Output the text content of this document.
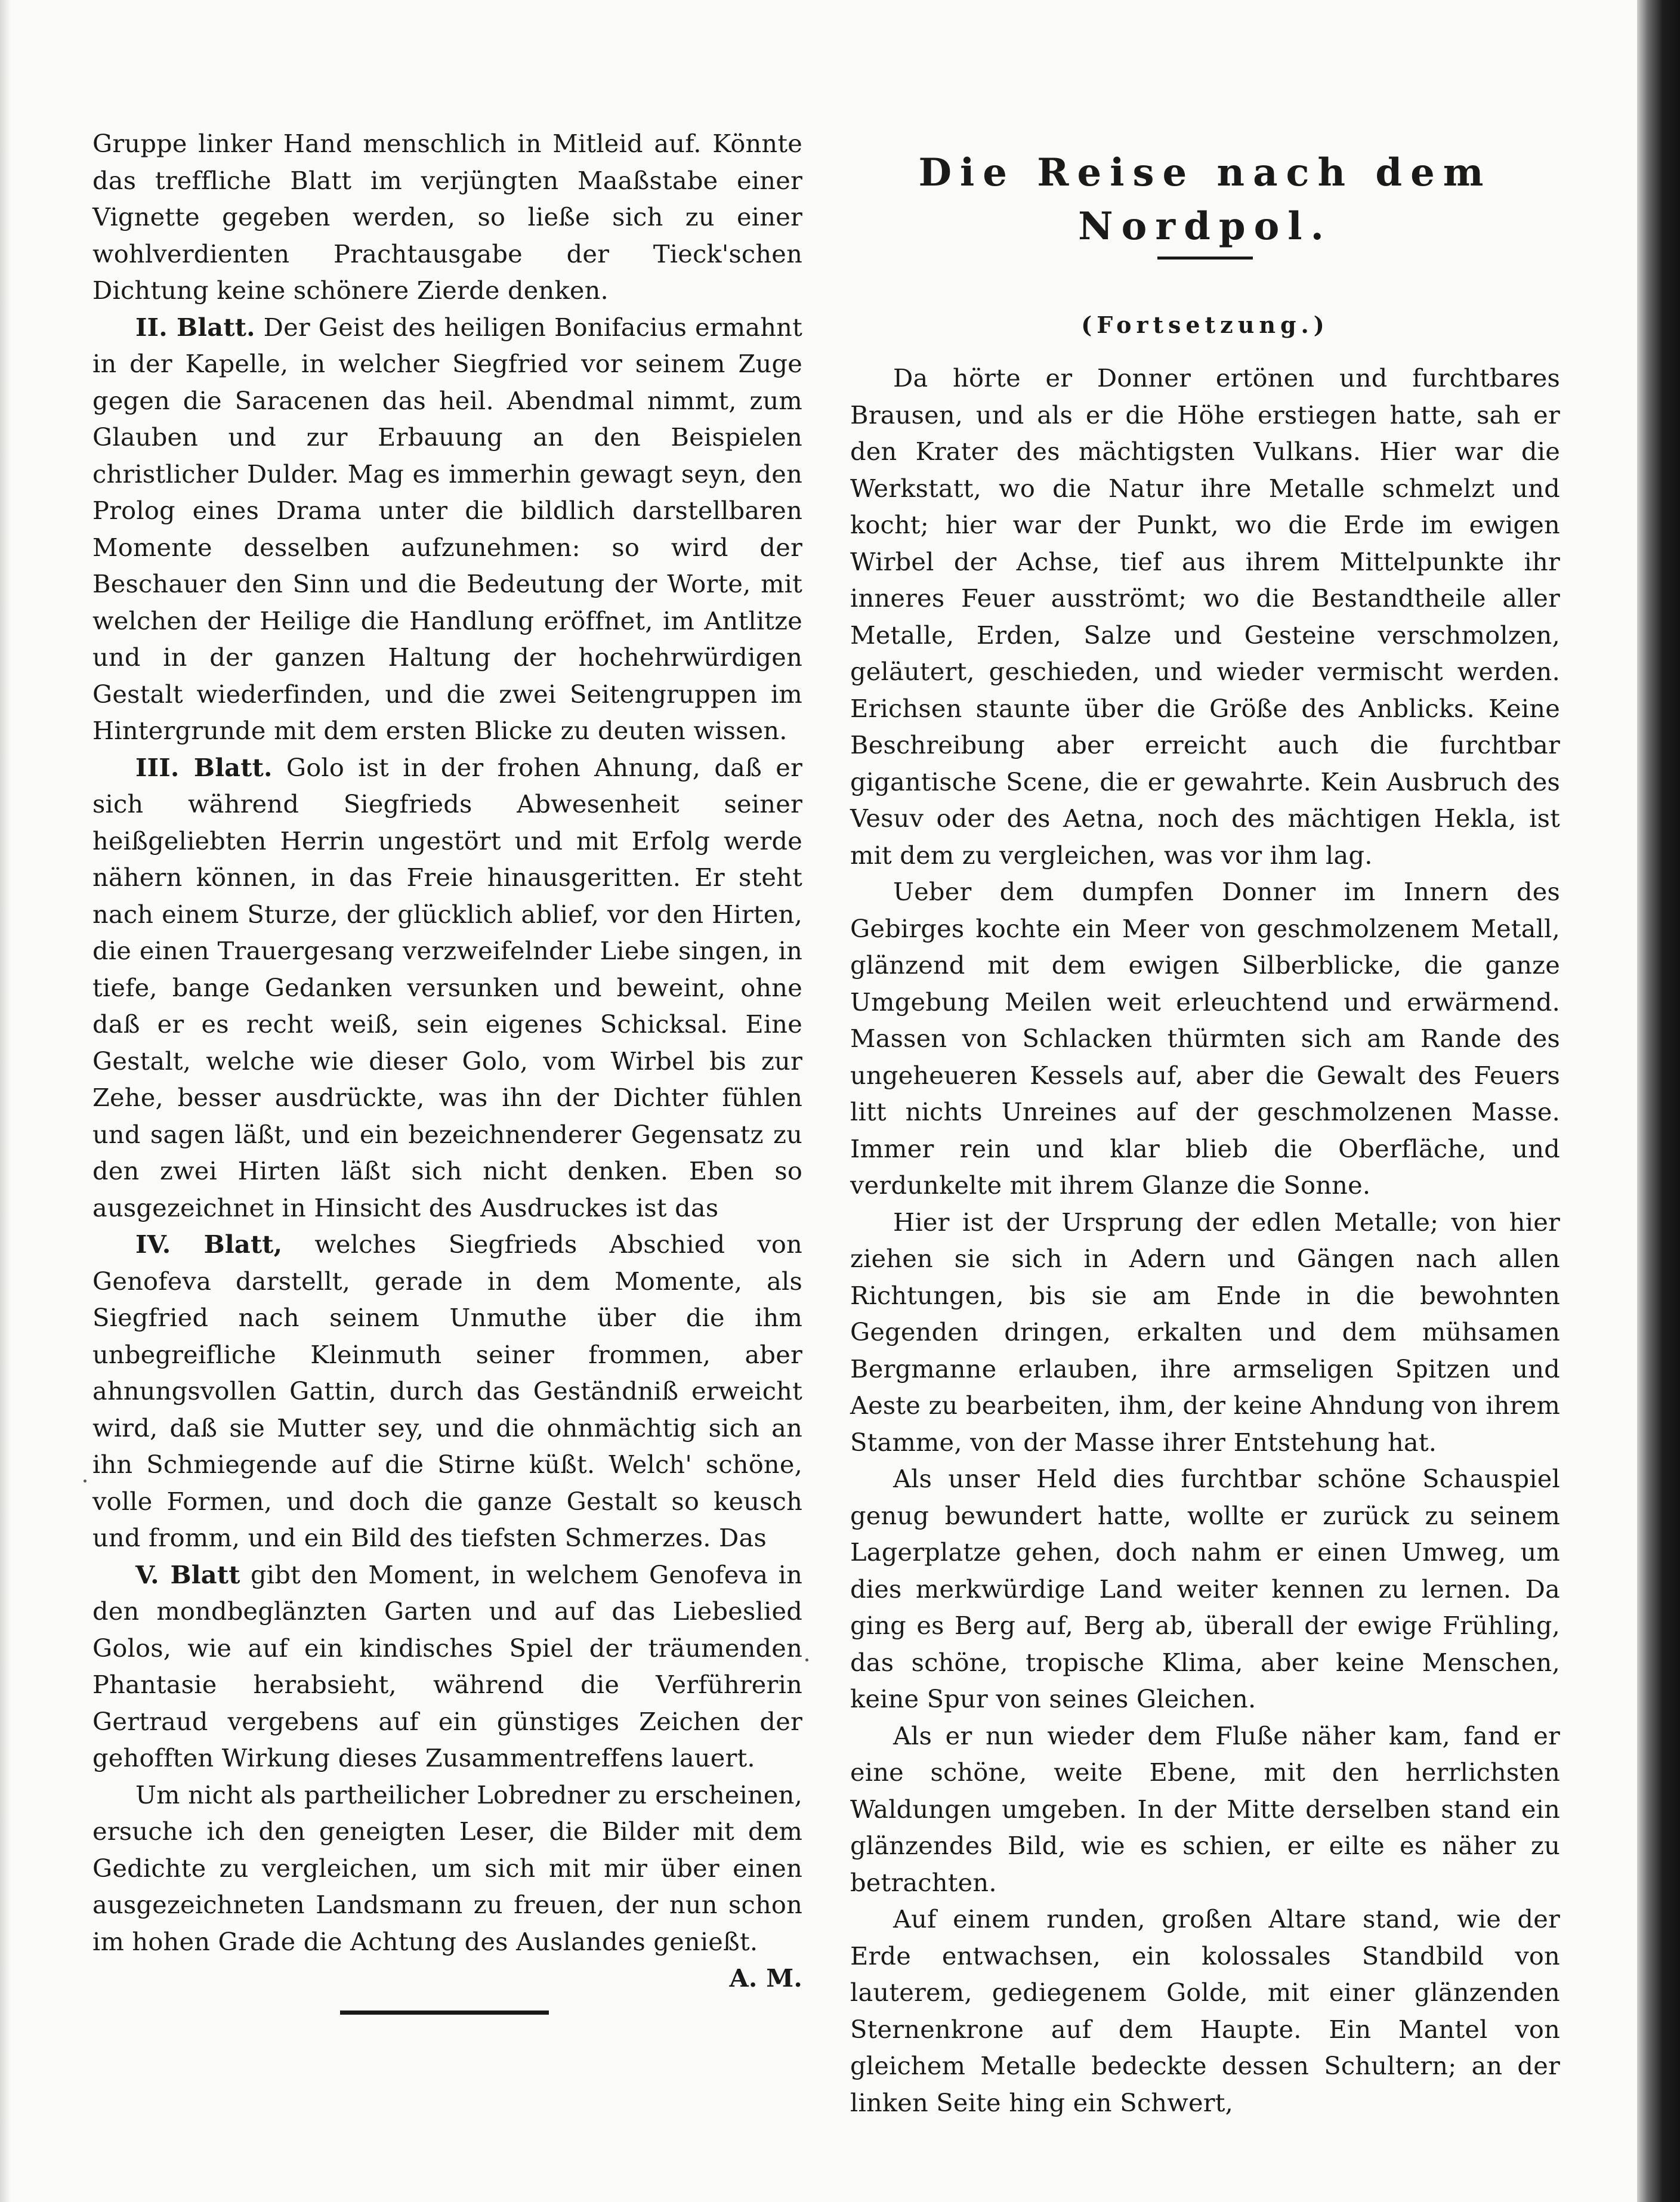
Gruppe linker Hand menschlich in Mitleid auf. Könnte das treffliche Blatt im verjüngten Maaßstabe einer Vignette gegeben werden, so ließe sich zu einer wohlverdienten Prachtausgabe der Tieck'schen Dichtung keine schönere Zierde denken.

II. Blatt. Der Geist des heiligen Bonifacius ermahnt in der Kapelle, in welcher Siegfried vor seinem Zuge gegen die Saracenen das heil. Abendmal nimmt, zum Glauben und zur Erbauung an den Beispielen christlicher Dulder. Mag es immerhin gewagt seyn, den Prolog eines Drama unter die bildlich darstellbaren Momente desselben aufzunehmen: so wird der Beschauer den Sinn und die Bedeutung der Worte, mit welchen der Heilige die Handlung eröffnet, im Antlitze und in der ganzen Haltung der hochehrwürdigen Gestalt wiederfinden, und die zwei Seitengruppen im Hintergrunde mit dem ersten Blicke zu deuten wissen.

III. Blatt. Golo ist in der frohen Ahnung, daß er sich während Siegfrieds Abwesenheit seiner heißgeliebten Herrin ungestört und mit Erfolg werde nähern können, in das Freie hinausgeritten. Er steht nach einem Sturze, der glücklich ablief, vor den Hirten, die einen Trauergesang verzweifelnder Liebe singen, in tiefe, bange Gedanken versunken und beweint, ohne daß er es recht weiß, sein eigenes Schicksal. Eine Gestalt, welche wie dieser Golo, vom Wirbel bis zur Zehe, besser ausdrückte, was ihn der Dichter fühlen und sagen läßt, und ein bezeichnenderer Gegensatz zu den zwei Hirten läßt sich nicht denken. Eben so ausgezeichnet in Hinsicht des Ausdruckes ist das

IV. Blatt, welches Siegfrieds Abschied von Genofeva darstellt, gerade in dem Momente, als Siegfried nach seinem Unmuthe über die ihm unbegreifliche Kleinmuth seiner frommen, aber ahnungsvollen Gattin, durch das Geständniß erweicht wird, daß sie Mutter sey, und die ohnmächtig sich an ihn Schmiegende auf die Stirne küßt. Welch' schöne, volle Formen, und doch die ganze Gestalt so keusch und fromm, und ein Bild des tiefsten Schmerzes. Das

V. Blatt gibt den Moment, in welchem Genofeva in den mondbeglänzten Garten und auf das Liebeslied Golos, wie auf ein kindisches Spiel der träumenden Phantasie herabsieht, während die Verführerin Gertraud vergebens auf ein günstiges Zeichen der gehofften Wirkung dieses Zusammentreffens lauert.

Um nicht als partheilicher Lobredner zu erscheinen, ersuche ich den geneigten Leser, die Bilder mit dem Gedichte zu vergleichen, um sich mit mir über einen ausgezeichneten Landsmann zu freuen, der nun schon im hohen Grade die Achtung des Auslandes genießt.
A. M.

Die Reise nach dem Nordpol.
(Fortsetzung.)

Da hörte er Donner ertönen und furchtbares Brausen, und als er die Höhe erstiegen hatte, sah er den Krater des mächtigsten Vulkans. Hier war die Werkstatt, wo die Natur ihre Metalle schmelzt und kocht; hier war der Punkt, wo die Erde im ewigen Wirbel der Achse, tief aus ihrem Mittelpunkte ihr inneres Feuer ausströmt; wo die Bestandtheile aller Metalle, Erden, Salze und Gesteine verschmolzen, geläutert, geschieden, und wieder vermischt werden. Erichsen staunte über die Größe des Anblicks. Keine Beschreibung aber erreicht auch die furchtbar gigantische Scene, die er gewahrte. Kein Ausbruch des Vesuv oder des Aetna, noch des mächtigen Hekla, ist mit dem zu vergleichen, was vor ihm lag.

Ueber dem dumpfen Donner im Innern des Gebirges kochte ein Meer von geschmolzenem Metall, glänzend mit dem ewigen Silberblicke, die ganze Umgebung Meilen weit erleuchtend und erwärmend. Massen von Schlacken thürmten sich am Rande des ungeheueren Kessels auf, aber die Gewalt des Feuers litt nichts Unreines auf der geschmolzenen Masse. Immer rein und klar blieb die Oberfläche, und verdunkelte mit ihrem Glanze die Sonne.

Hier ist der Ursprung der edlen Metalle; von hier ziehen sie sich in Adern und Gängen nach allen Richtungen, bis sie am Ende in die bewohnten Gegenden dringen, erkalten und dem mühsamen Bergmanne erlauben, ihre armseligen Spitzen und Aeste zu bearbeiten, ihm, der keine Ahndung von ihrem Stamme, von der Masse ihrer Entstehung hat.

Als unser Held dies furchtbar schöne Schauspiel genug bewundert hatte, wollte er zurück zu seinem Lagerplatze gehen, doch nahm er einen Umweg, um dies merkwürdige Land weiter kennen zu lernen. Da ging es Berg auf, Berg ab, überall der ewige Frühling, das schöne, tropische Klima, aber keine Menschen, keine Spur von seines Gleichen.

Als er nun wieder dem Fluße näher kam, fand er eine schöne, weite Ebene, mit den herrlichsten Waldungen umgeben. In der Mitte derselben stand ein glänzendes Bild, wie es schien, er eilte es näher zu betrachten.

Auf einem runden, großen Altare stand, wie der Erde entwachsen, ein kolossales Standbild von lauterem, gediegenem Golde, mit einer glänzenden Sternenkrone auf dem Haupte. Ein Mantel von gleichem Metalle bedeckte dessen Schultern; an der linken Seite hing ein Schwert,
